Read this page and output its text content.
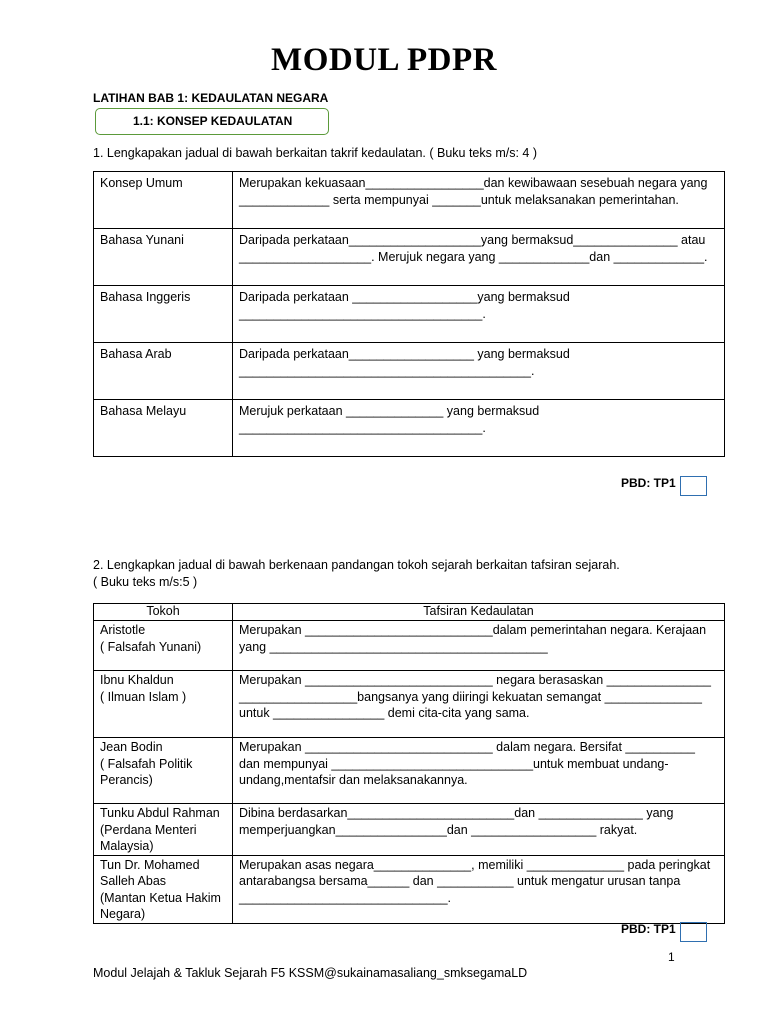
MODUL PDPR
LATIHAN BAB 1: KEDAULATAN NEGARA
1.1: KONSEP KEDAULATAN
1. Lengkapakan jadual di bawah berkaitan takrif kedaulatan. ( Buku teks m/s: 4 )
Konsep Umum	Merupakan kekuasaan_________________dan kewibawaan sesebuah negara yang _____________ serta mempunyai _______untuk melaksanakan pemerintahan.
Bahasa Yunani	Daripada perkataan___________________yang bermaksud_______________ atau ___________________. Merujuk negara yang _____________dan _____________.
Bahasa Inggeris	Daripada perkataan __________________yang bermaksud ___________________________________.
Bahasa Arab	Daripada perkataan__________________ yang bermaksud __________________________________________.
Bahasa Melayu	Merujuk perkataan ______________ yang bermaksud ___________________________________.
PBD: TP1
2. Lengkapkan jadual di bawah berkenaan pandangan tokoh sejarah berkaitan tafsiran sejarah.
( Buku teks m/s:5 )
Tokoh	Tafsiran Kedaulatan

Aristotle
( Falsafah Yunani)	Merupakan ___________________________dalam pemerintahan negara. Kerajaan yang ________________________________________

Ibnu Khaldun
( Ilmuan Islam )	Merupakan ___________________________ negara berasaskan _______________ _________________bangsanya yang diiringi kekuatan semangat ______________ untuk ________________ demi cita-cita yang sama.

Jean Bodin
( Falsafah Politik Perancis)	Merupakan ___________________________ dalam negara. Bersifat __________ dan mempunyai _____________________________untuk membuat undang-undang,mentafsir dan melaksanakannya.

Tunku Abdul Rahman
(Perdana Menteri Malaysia)	Dibina berdasarkan________________________dan _______________ yang memperjuangkan________________dan __________________ rakyat.

Tun Dr. Mohamed Salleh Abas
(Mantan Ketua Hakim Negara)	Merupakan asas negara______________, memiliki ______________ pada peringkat antarabangsa bersama______ dan ___________ untuk mengatur urusan tanpa ______________________________.
PBD: TP1
1
Modul Jelajah & Takluk Sejarah F5 KSSM@sukainamasaliang_smksegamaLD
